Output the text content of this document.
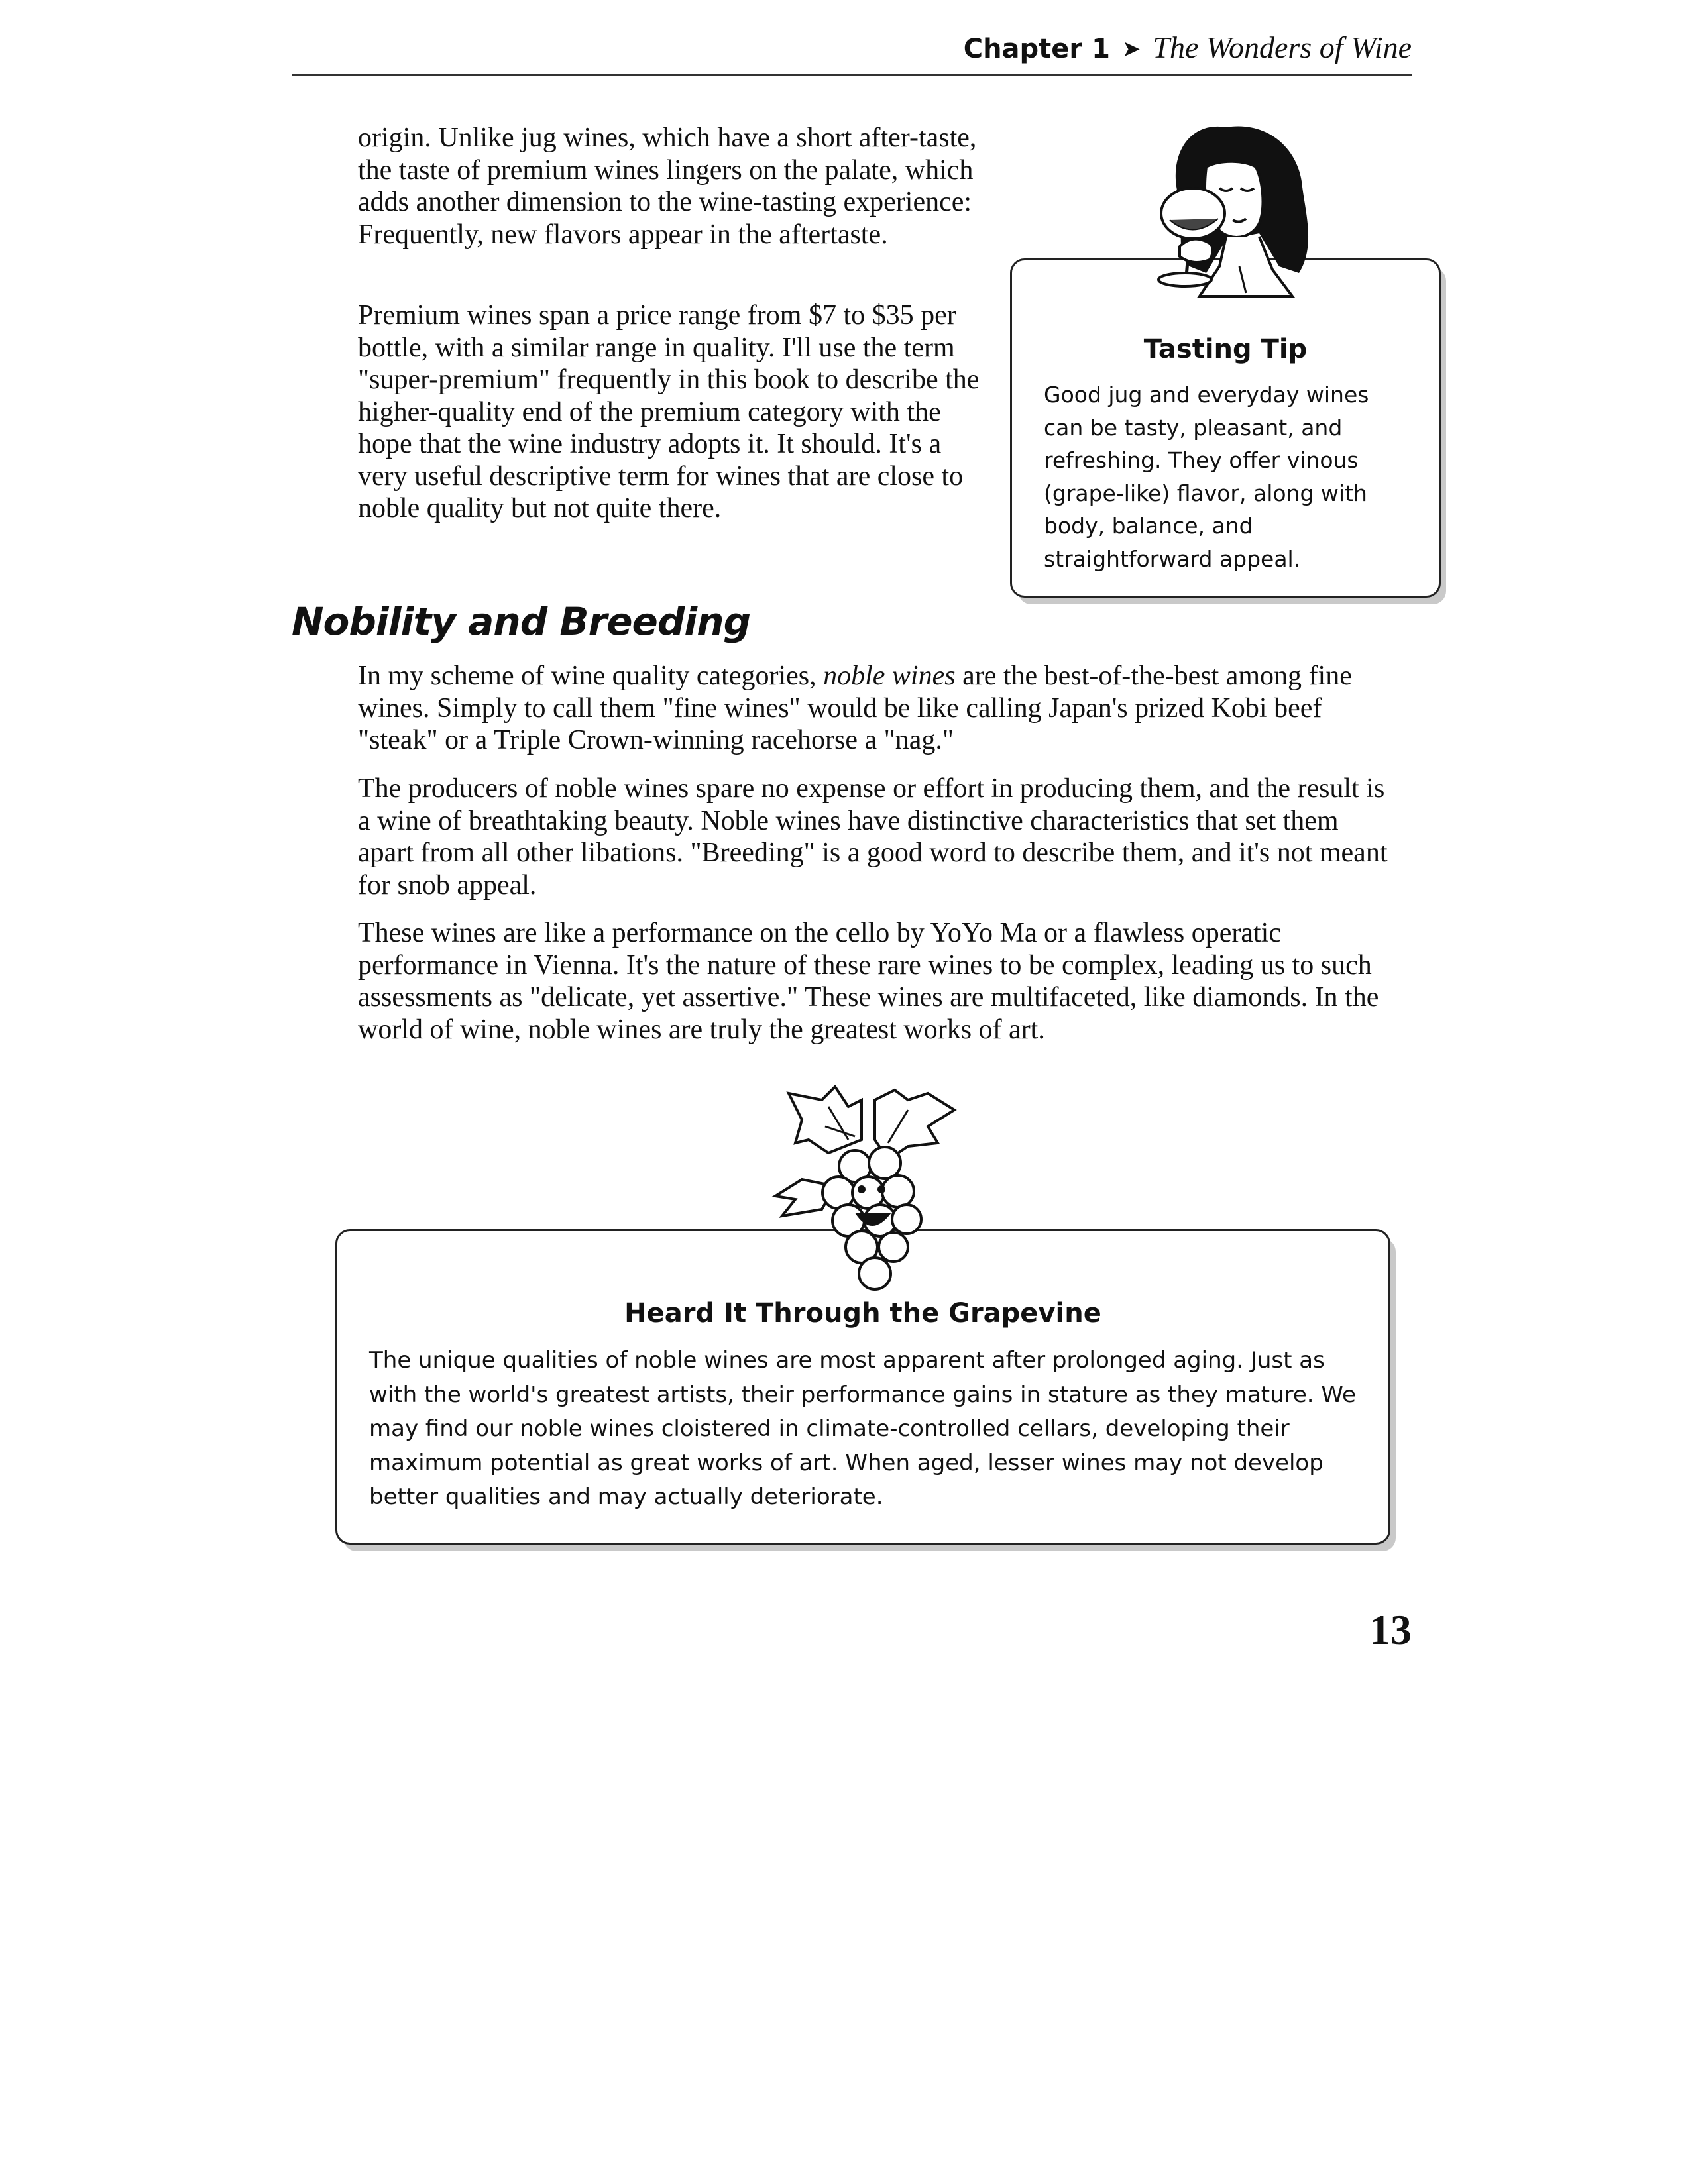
Chapter 1 ➤ The Wonders of Wine

origin. Unlike jug wines, which have a short after-taste, the taste of premium wines lingers on the palate, which adds another dimension to the wine-tasting experience: Frequently, new flavors appear in the aftertaste.

Premium wines span a price range from $7 to $35 per bottle, with a similar range in quality. I'll use the term "super-premium" frequently in this book to describe the higher-quality end of the premium category with the hope that the wine industry adopts it. It should. It's a very useful descriptive term for wines that are close to noble quality but not quite there.

Tasting Tip

Good jug and everyday wines can be tasty, pleasant, and refreshing. They offer vinous (grape-like) flavor, along with body, balance, and straightforward appeal.

Nobility and Breeding

In my scheme of wine quality categories, noble wines are the best-of-the-best among fine wines. Simply to call them "fine wines" would be like calling Japan's prized Kobi beef "steak" or a Triple Crown-winning racehorse a "nag."

The producers of noble wines spare no expense or effort in producing them, and the result is a wine of breathtaking beauty. Noble wines have distinctive characteristics that set them apart from all other libations. "Breeding" is a good word to describe them, and it's not meant for snob appeal.

These wines are like a performance on the cello by YoYo Ma or a flawless operatic performance in Vienna. It's the nature of these rare wines to be complex, leading us to such assessments as "delicate, yet assertive." These wines are multifaceted, like diamonds. In the world of wine, noble wines are truly the greatest works of art.

Heard It Through the Grapevine

The unique qualities of noble wines are most apparent after prolonged aging. Just as with the world's greatest artists, their performance gains in stature as they mature. We may find our noble wines cloistered in climate-controlled cellars, developing their maximum potential as great works of art. When aged, lesser wines may not develop better qualities and may actually deteriorate.

13
